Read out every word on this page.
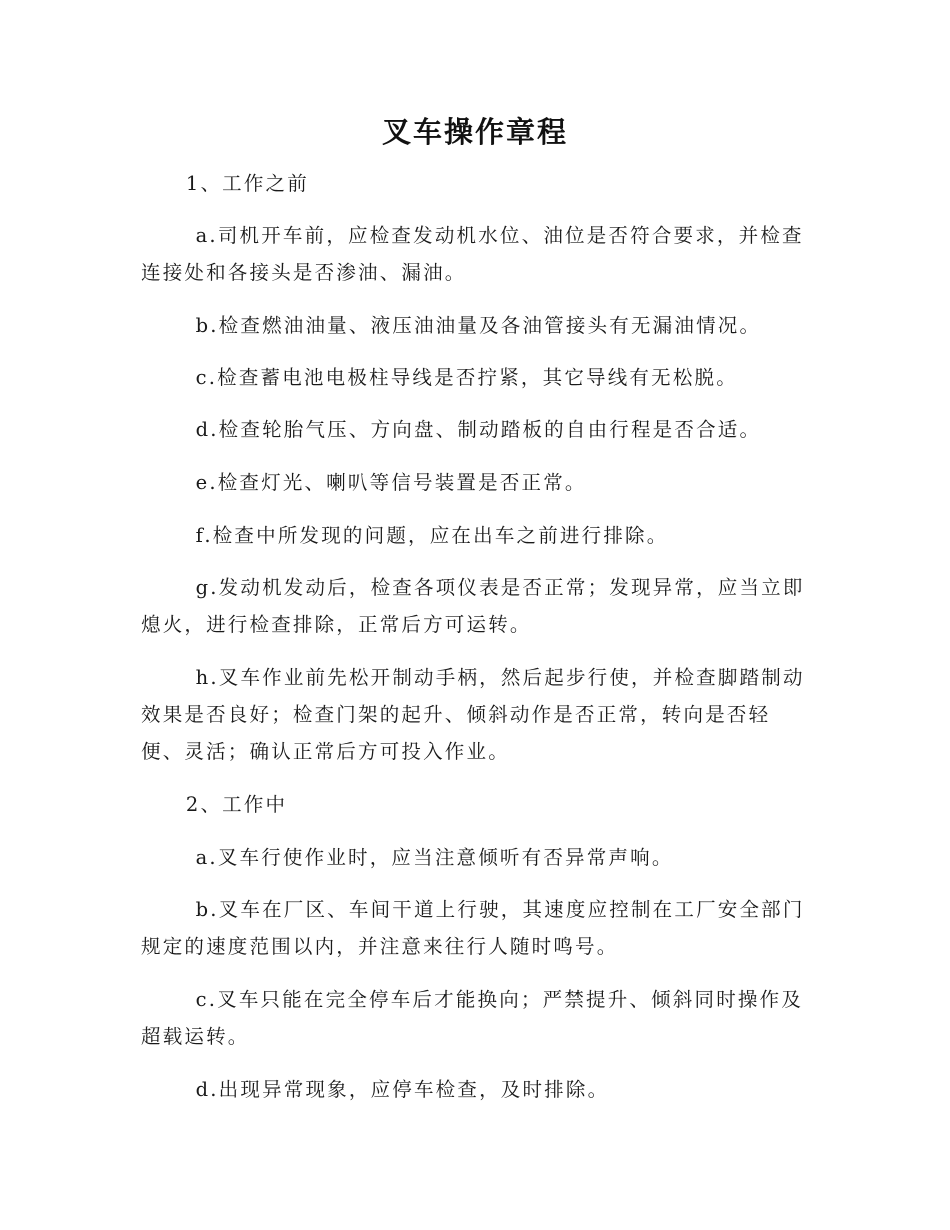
叉车操作章程

1、工作之前

a.司机开车前，应检查发动机水位、油位是否符合要求，并检查连接处和各接头是否渗油、漏油。

b.检查燃油油量、液压油油量及各油管接头有无漏油情况。

c.检查蓄电池电极柱导线是否拧紧，其它导线有无松脱。

d.检查轮胎气压、方向盘、制动踏板的自由行程是否合适。

e.检查灯光、喇叭等信号装置是否正常。

f.检查中所发现的问题，应在出车之前进行排除。

g.发动机发动后，检查各项仪表是否正常；发现异常，应当立即熄火，进行检查排除，正常后方可运转。

h.叉车作业前先松开制动手柄，然后起步行使，并检查脚踏制动效果是否良好；检查门架的起升、倾斜动作是否正常，转向是否轻便、灵活；确认正常后方可投入作业。

2、工作中

a.叉车行使作业时，应当注意倾听有否异常声响。

b.叉车在厂区、车间干道上行驶，其速度应控制在工厂安全部门规定的速度范围以内，并注意来往行人随时鸣号。

c.叉车只能在完全停车后才能换向；严禁提升、倾斜同时操作及超载运转。

d.出现异常现象，应停车检查，及时排除。
